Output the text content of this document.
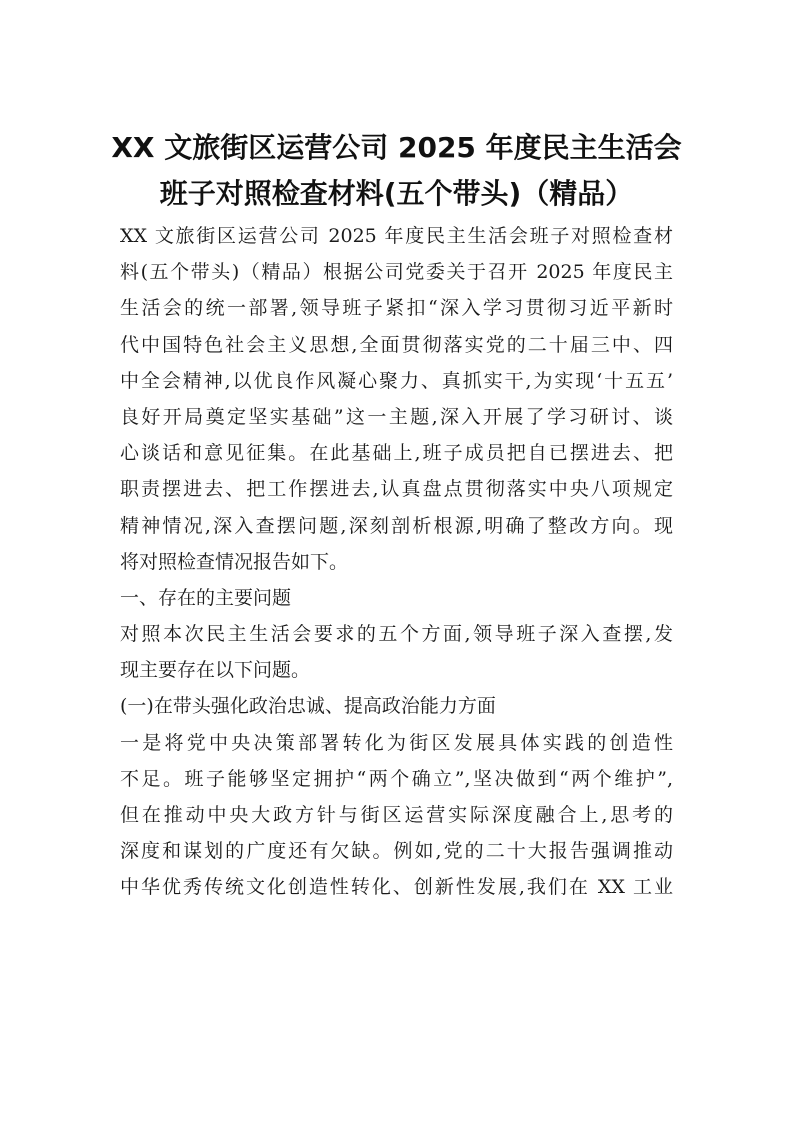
XX 文旅街区运营公司 2025 年度民主生活会
班子对照检查材料(五个带头)（精品）
XX 文旅街区运营公司 2025 年度民主生活会班子对照检查材
料(五个带头)（精品）根据公司党委关于召开 2025 年度民主
生活会的统一部署,领导班子紧扣“深入学习贯彻习近平新时
代中国特色社会主义思想,全面贯彻落实党的二十届三中、四
中全会精神,以优良作风凝心聚力、真抓实干,为实现‘十五五’
良好开局奠定坚实基础”这一主题,深入开展了学习研讨、谈
心谈话和意见征集。在此基础上,班子成员把自已摆进去、把
职责摆进去、把工作摆进去,认真盘点贯彻落实中央八项规定
精神情况,深入查摆问题,深刻剖析根源,明确了整改方向。现
将对照检查情况报告如下。
一、存在的主要问题
对照本次民主生活会要求的五个方面,领导班子深入查摆,发
现主要存在以下问题。
(一)在带头强化政治忠诚、提高政治能力方面
一是将党中央决策部署转化为街区发展具体实践的创造性
不足。班子能够坚定拥护“两个确立”,坚决做到“两个维护”,
但在推动中央大政方针与街区运营实际深度融合上,思考的
深度和谋划的广度还有欠缺。例如,党的二十大报告强调推动
中华优秀传统文化创造性转化、创新性发展,我们在 XX 工业
